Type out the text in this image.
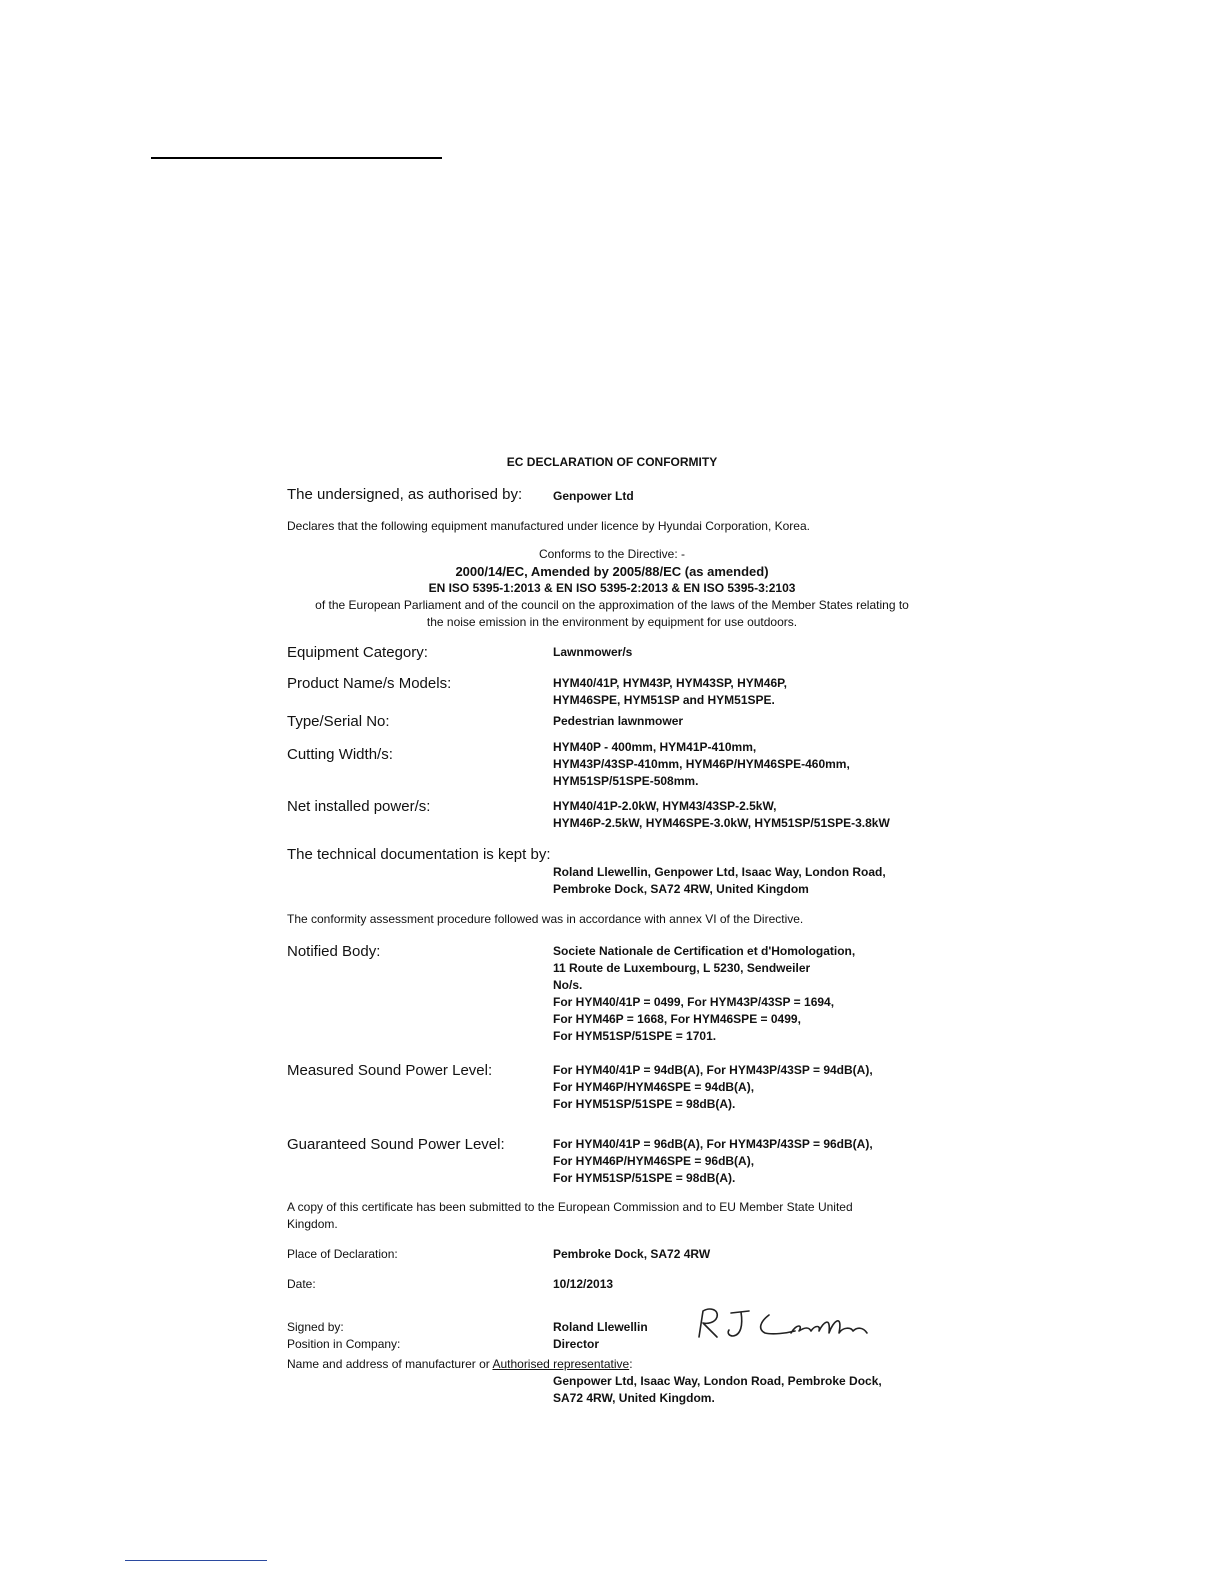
EC DECLARATION OF CONFORMITY

The undersigned, as authorised by:	Genpower Ltd
Declares that the following equipment manufactured under licence by Hyundai Corporation, Korea.
Conforms to the Directive: -
2000/14/EC, Amended by 2005/88/EC (as amended)
EN ISO 5395-1:2013 & EN ISO 5395-2:2013 & EN ISO 5395-3:2103
of the European Parliament and of the council on the approximation of the laws of the Member States relating to
the noise emission in the environment by equipment for use outdoors.
Equipment Category:	Lawnmower/s
Product Name/s Models:	HYM40/41P, HYM43P, HYM43SP, HYM46P,
HYM46SPE, HYM51SP and HYM51SPE.
Type/Serial No:	Pedestrian lawnmower
Cutting Width/s:	HYM40P - 400mm, HYM41P-410mm,
HYM43P/43SP-410mm, HYM46P/HYM46SPE-460mm,
HYM51SP/51SPE-508mm.
Net installed power/s:	HYM40/41P-2.0kW, HYM43/43SP-2.5kW,
HYM46P-2.5kW, HYM46SPE-3.0kW, HYM51SP/51SPE-3.8kW
The technical documentation is kept by:
Roland Llewellin, Genpower Ltd, Isaac Way, London Road,
Pembroke Dock, SA72 4RW, United Kingdom
The conformity assessment procedure followed was in accordance with annex VI of the Directive.
Notified Body:	Societe Nationale de Certification et d'Homologation,
11 Route de Luxembourg, L 5230, Sendweiler
No/s.
For HYM40/41P = 0499, For HYM43P/43SP = 1694,
For HYM46P = 1668, For HYM46SPE = 0499,
For HYM51SP/51SPE = 1701.
Measured Sound Power Level:	For HYM40/41P = 94dB(A), For HYM43P/43SP = 94dB(A),
For HYM46P/HYM46SPE = 94dB(A),
For HYM51SP/51SPE = 98dB(A).
Guaranteed Sound Power Level:	For HYM40/41P = 96dB(A), For HYM43P/43SP = 96dB(A),
For HYM46P/HYM46SPE = 96dB(A),
For HYM51SP/51SPE = 98dB(A).
A copy of this certificate has been submitted to the European Commission and to EU Member State United Kingdom.
Place of Declaration:	Pembroke Dock, SA72 4RW
Date:	10/12/2013
Signed by:	Roland Llewellin
Position in Company:	Director
Name and address of manufacturer or Authorised representative:
Genpower Ltd, Isaac Way, London Road, Pembroke Dock,
SA72 4RW, United Kingdom.
